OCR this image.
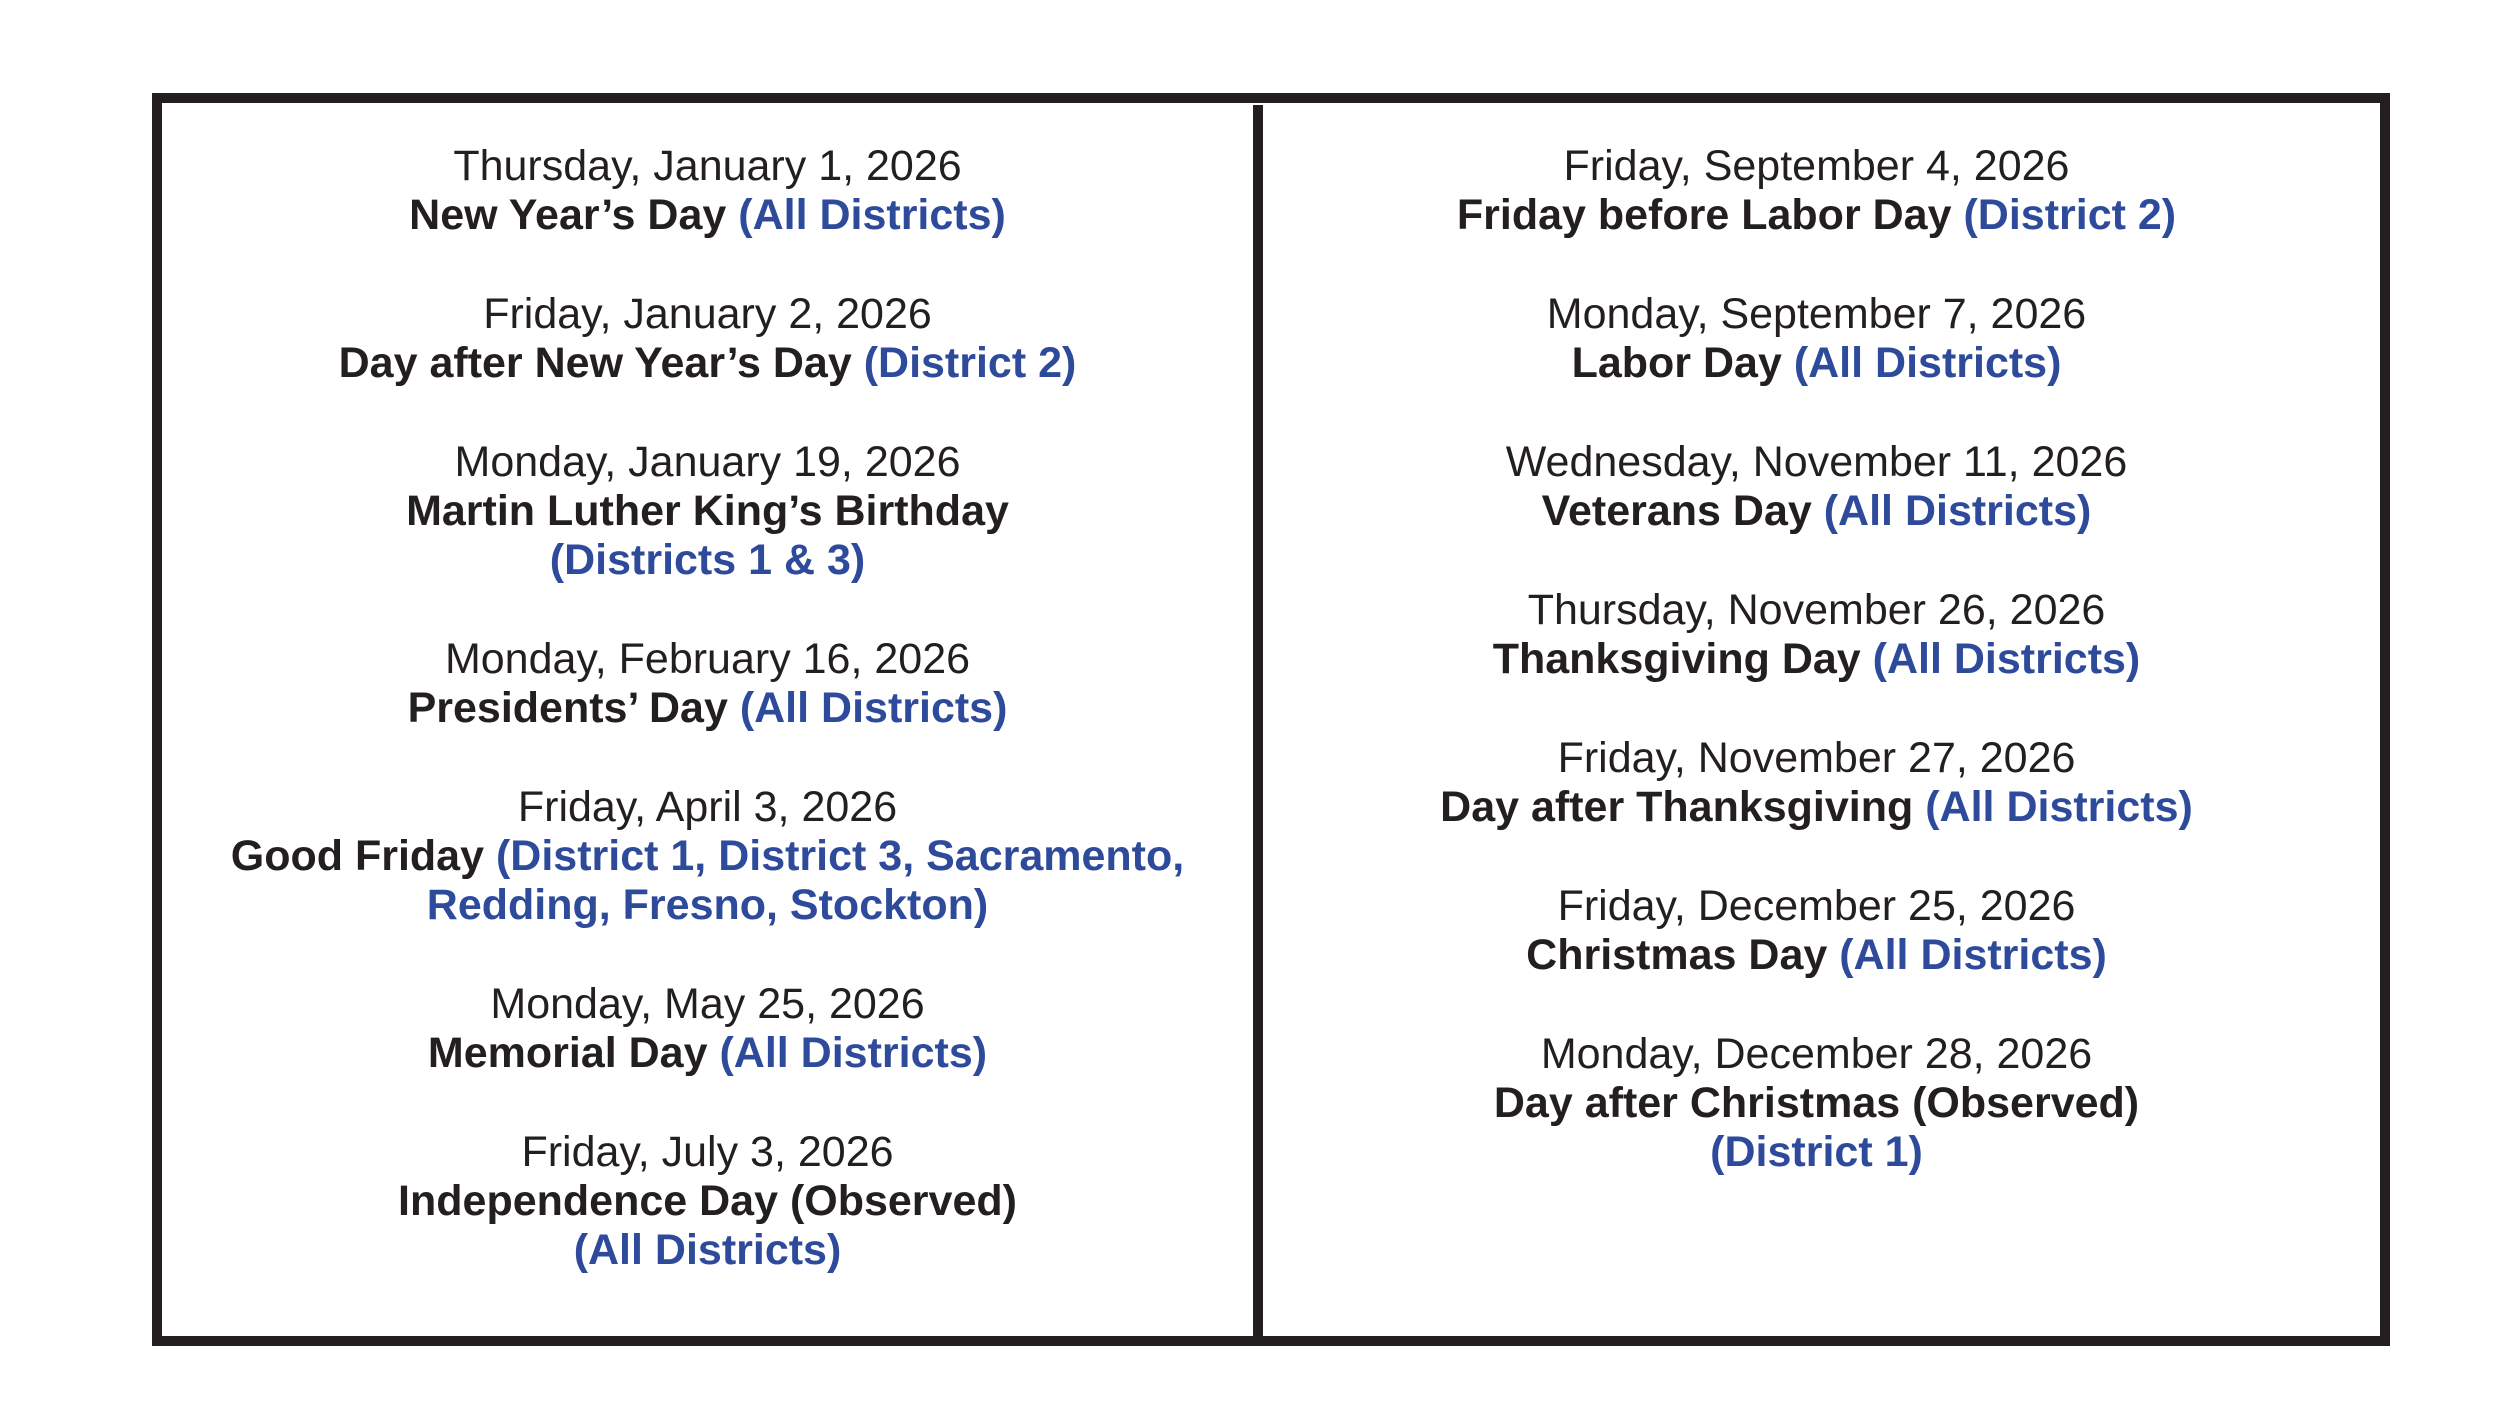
Thursday, January 1, 2026
New Year’s Day (All Districts)
Friday, January 2, 2026
Day after New Year’s Day (District 2)
Monday, January 19, 2026
Martin Luther King’s Birthday
(Districts 1 & 3)
Monday, February 16, 2026
Presidents’ Day (All Districts)
Friday, April 3, 2026
Good Friday (District 1, District 3, Sacramento,
Redding, Fresno, Stockton)
Monday, May 25, 2026
Memorial Day (All Districts)
Friday, July 3, 2026
Independence Day (Observed)
(All Districts)
Friday, September 4, 2026
Friday before Labor Day (District 2)
Monday, September 7, 2026
Labor Day (All Districts)
Wednesday, November 11, 2026
Veterans Day (All Districts)
Thursday, November 26, 2026
Thanksgiving Day (All Districts)
Friday, November 27, 2026
Day after Thanksgiving (All Districts)
Friday, December 25, 2026
Christmas Day (All Districts)
Monday, December 28, 2026
Day after Christmas (Observed)
(District 1)
